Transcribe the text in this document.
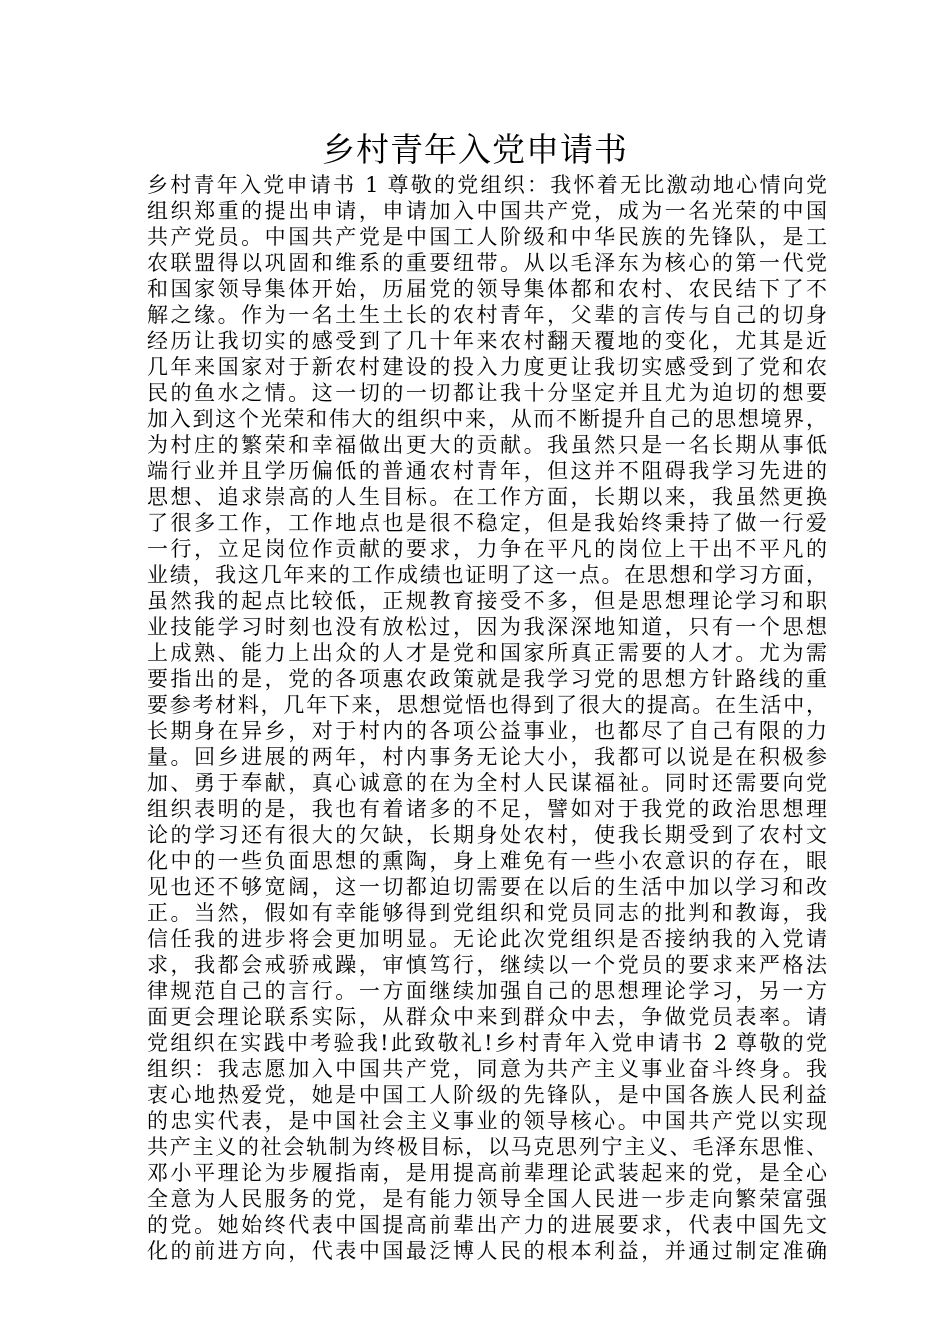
乡村青年入党申请书
乡村青年入党申请书 1 尊敬的党组织：我怀着无比激动地心情向党
组织郑重的提出申请，申请加入中国共产党，成为一名光荣的中国
共产党员。中国共产党是中国工人阶级和中华民族的先锋队，是工
农联盟得以巩固和维系的重要纽带。从以毛泽东为核心的第一代党
和国家领导集体开始，历届党的领导集体都和农村、农民结下了不
解之缘。作为一名土生土长的农村青年，父辈的言传与自己的切身
经历让我切实的感受到了几十年来农村翻天覆地的变化，尤其是近
几年来国家对于新农村建设的投入力度更让我切实感受到了党和农
民的鱼水之情。这一切的一切都让我十分坚定并且尤为迫切的想要
加入到这个光荣和伟大的组织中来，从而不断提升自己的思想境界，
为村庄的繁荣和幸福做出更大的贡献。我虽然只是一名长期从事低
端行业并且学历偏低的普通农村青年，但这并不阻碍我学习先进的
思想、追求崇高的人生目标。在工作方面，长期以来，我虽然更换
了很多工作，工作地点也是很不稳定，但是我始终秉持了做一行爱
一行，立足岗位作贡献的要求，力争在平凡的岗位上干出不平凡的
业绩，我这几年来的工作成绩也证明了这一点。在思想和学习方面，
虽然我的起点比较低，正规教育接受不多，但是思想理论学习和职
业技能学习时刻也没有放松过，因为我深深地知道，只有一个思想
上成熟、能力上出众的人才是党和国家所真正需要的人才。尤为需
要指出的是，党的各项惠农政策就是我学习党的思想方针路线的重
要参考材料，几年下来，思想觉悟也得到了很大的提高。在生活中，
长期身在异乡，对于村内的各项公益事业，也都尽了自己有限的力
量。回乡进展的两年，村内事务无论大小，我都可以说是在积极参
加、勇于奉献，真心诚意的在为全村人民谋福祉。同时还需要向党
组织表明的是，我也有着诸多的不足，譬如对于我党的政治思想理
论的学习还有很大的欠缺，长期身处农村，使我长期受到了农村文
化中的一些负面思想的熏陶，身上难免有一些小农意识的存在，眼
见也还不够宽阔，这一切都迫切需要在以后的生活中加以学习和改
正。当然，假如有幸能够得到党组织和党员同志的批判和教诲，我
信任我的进步将会更加明显。无论此次党组织是否接纳我的入党请
求，我都会戒骄戒躁，审慎笃行，继续以一个党员的要求来严格法
律规范自己的言行。一方面继续加强自己的思想理论学习，另一方
面更会理论联系实际，从群众中来到群众中去，争做党员表率。请
党组织在实践中考验我!此致敬礼!乡村青年入党申请书 2 尊敬的党
组织：我志愿加入中国共产党，同意为共产主义事业奋斗终身。我
衷心地热爱党，她是中国工人阶级的先锋队，是中国各族人民利益
的忠实代表，是中国社会主义事业的领导核心。中国共产党以实现
共产主义的社会轨制为终极目标，以马克思列宁主义、毛泽东思惟、
邓小平理论为步履指南，是用提高前辈理论武装起来的党，是全心
全意为人民服务的党，是有能力领导全国人民进一步走向繁荣富强
的党。她始终代表中国提高前辈出产力的进展要求，代表中国先文
化的前进方向，代表中国最泛博人民的根本利益，并通过制定准确
